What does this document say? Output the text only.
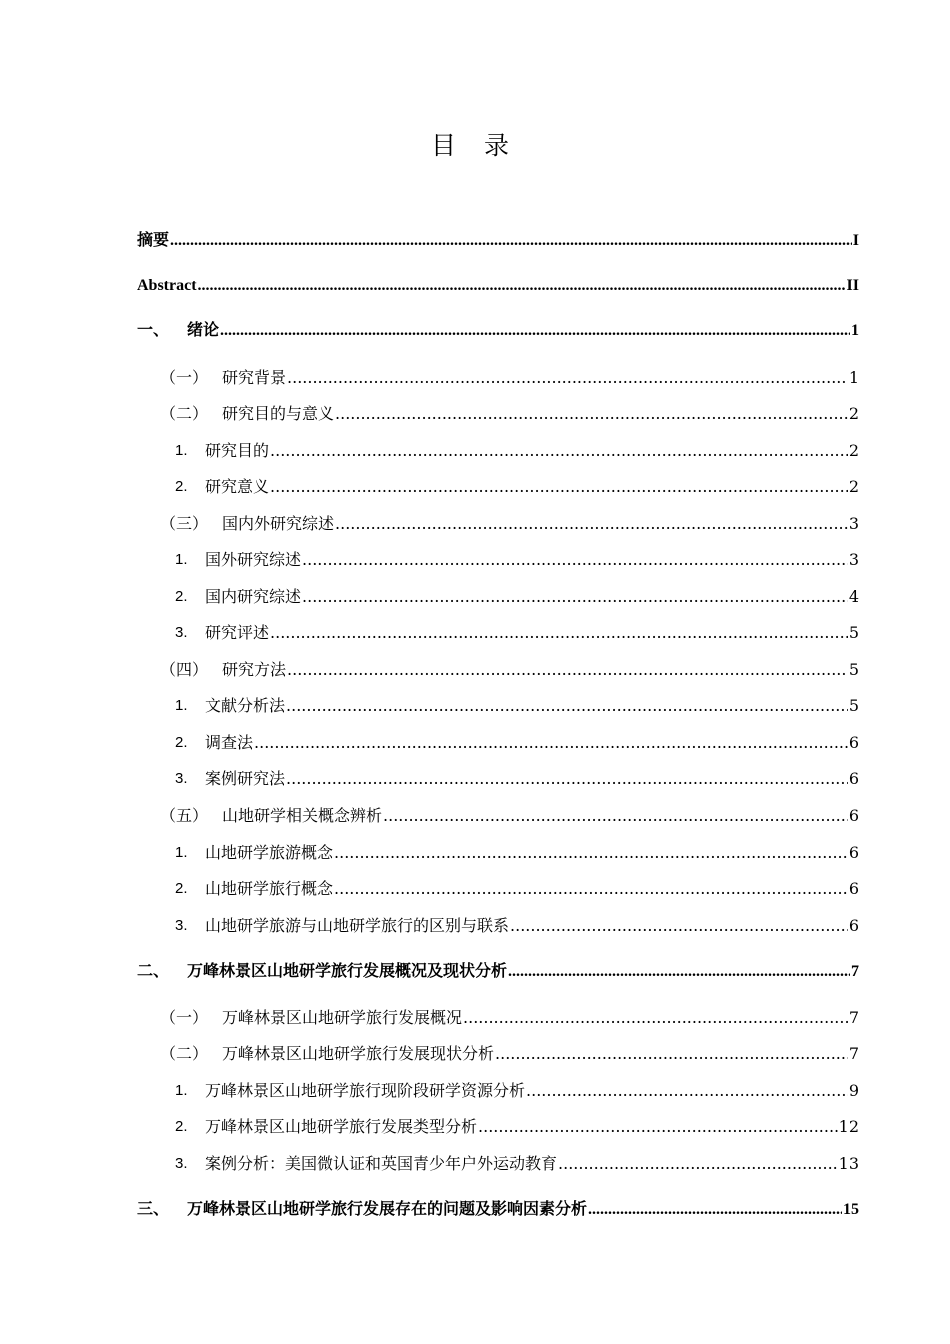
目 录
摘要 .....	I
Abstract .....	II
一、	绪论 .....	1
（一） 研究背景 .....	1
（二） 研究目的与意义 .....	2
1.	研究目的 .....	2
2.	研究意义 .....	2
（三） 国内外研究综述 .....	3
1.	国外研究综述 .....	3
2.	国内研究综述 .....	4
3.	研究评述 .....	5
（四） 研究方法 .....	5
1.	文献分析法 .....	5
2.	调查法 .....	6
3.	案例研究法 .....	6
（五） 山地研学相关概念辨析 .....	6
1.	山地研学旅游概念 .....	6
2.	山地研学旅行概念 .....	6
3.	山地研学旅游与山地研学旅行的区别与联系 .....	6
二、	万峰林景区山地研学旅行发展概况及现状分析 .....	7
（一） 万峰林景区山地研学旅行发展概况 .....	7
（二） 万峰林景区山地研学旅行发展现状分析 .....	7
1.	万峰林景区山地研学旅行现阶段研学资源分析 .....	9
2.	万峰林景区山地研学旅行发展类型分析 .....	12
3.	案例分析：美国微认证和英国青少年户外运动教育 .....	13
三、	万峰林景区山地研学旅行发展存在的问题及影响因素分析 .....	15
